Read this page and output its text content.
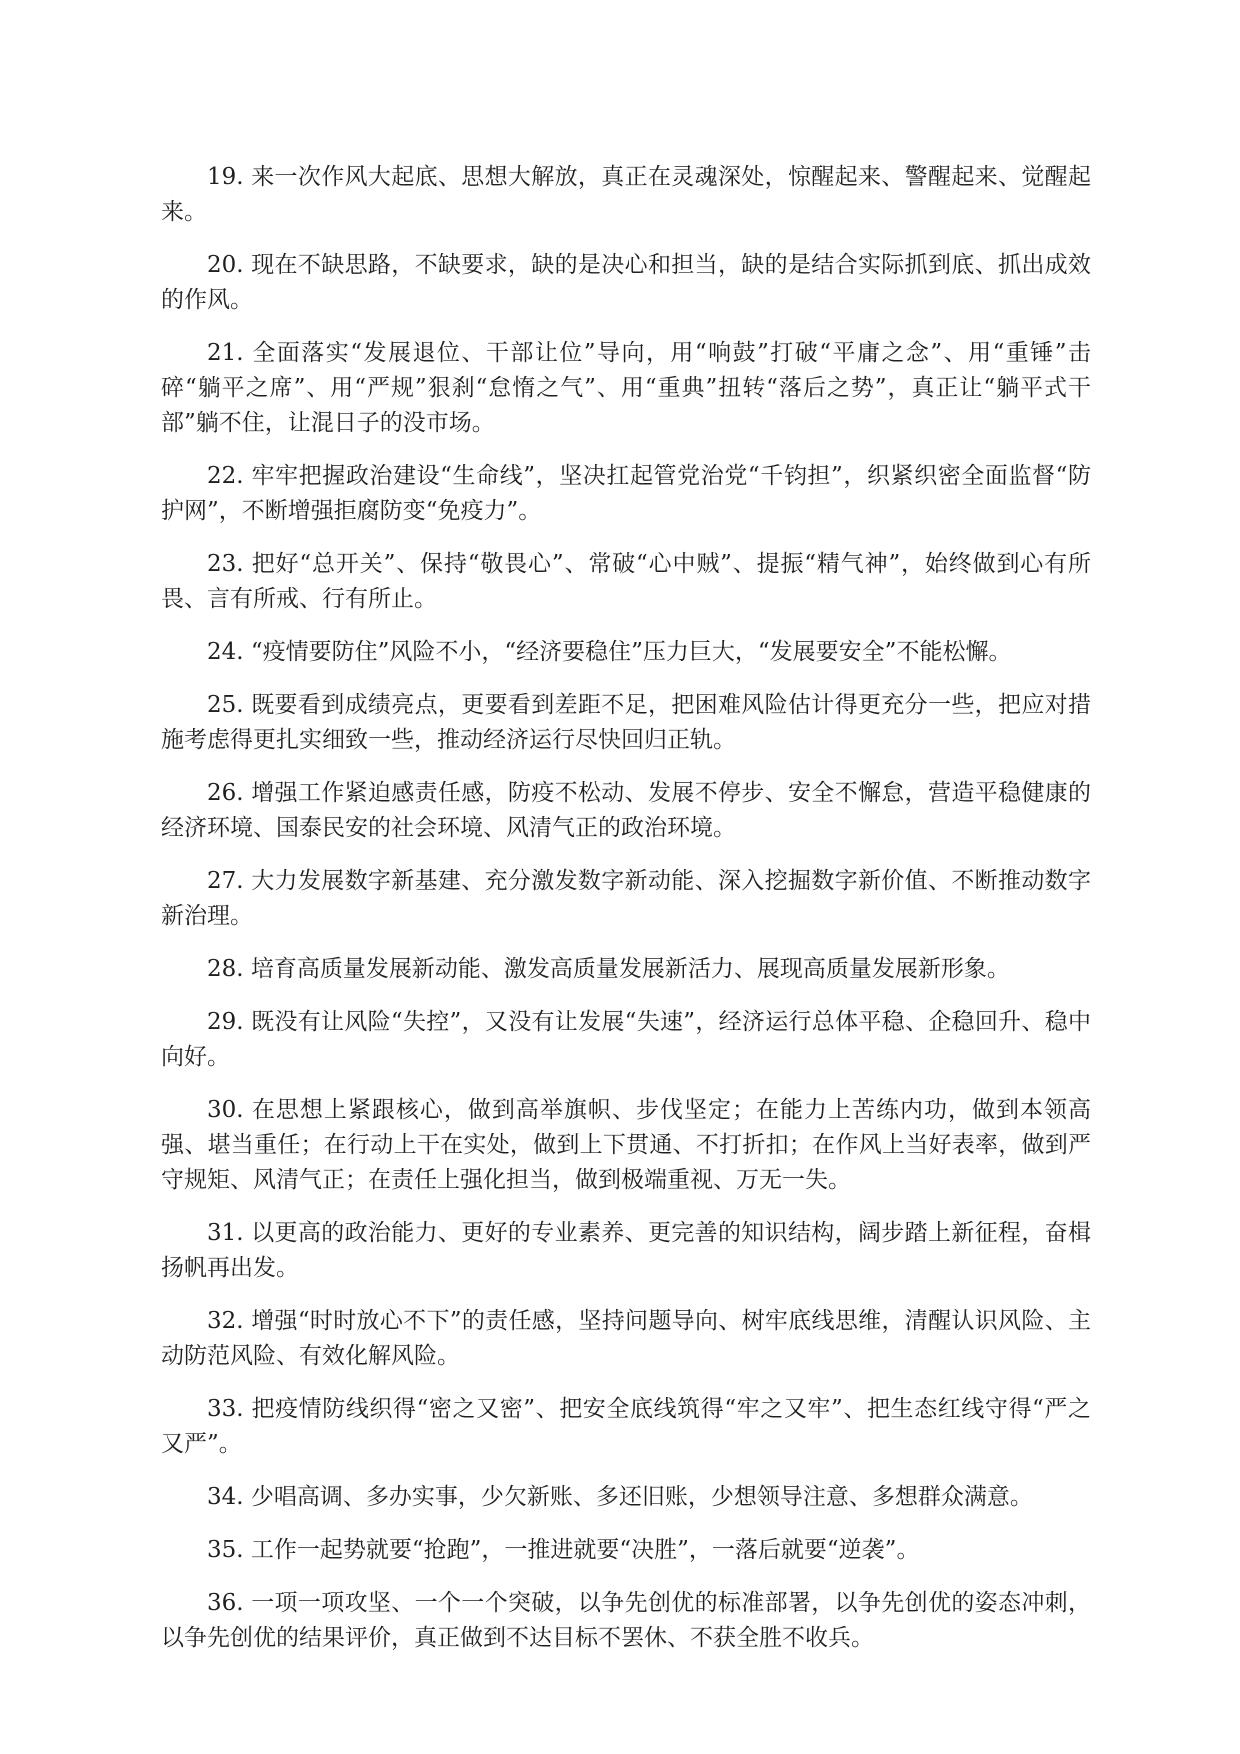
19. 来一次作风大起底、思想大解放，真正在灵魂深处，惊醒起来、警醒起来、觉醒起来。

20. 现在不缺思路，不缺要求，缺的是决心和担当，缺的是结合实际抓到底、抓出成效的作风。

21. 全面落实“发展退位、干部让位”导向，用“响鼓”打破“平庸之念”、用“重锤”击碎“躺平之席”、用“严规”狠刹“怠惰之气”、用“重典”扭转“落后之势”，真正让“躺平式干部”躺不住，让混日子的没市场。

22. 牢牢把握政治建设“生命线”，坚决扛起管党治党“千钧担”，织紧织密全面监督“防护网”，不断增强拒腐防变“免疫力”。

23. 把好“总开关”、保持“敬畏心”、常破“心中贼”、提振“精气神”，始终做到心有所畏、言有所戒、行有所止。

24. “疫情要防住”风险不小，“经济要稳住”压力巨大，“发展要安全”不能松懈。

25. 既要看到成绩亮点，更要看到差距不足，把困难风险估计得更充分一些，把应对措施考虑得更扎实细致一些，推动经济运行尽快回归正轨。

26. 增强工作紧迫感责任感，防疫不松动、发展不停步、安全不懈怠，营造平稳健康的经济环境、国泰民安的社会环境、风清气正的政治环境。

27. 大力发展数字新基建、充分激发数字新动能、深入挖掘数字新价值、不断推动数字新治理。

28. 培育高质量发展新动能、激发高质量发展新活力、展现高质量发展新形象。

29. 既没有让风险“失控”，又没有让发展“失速”，经济运行总体平稳、企稳回升、稳中向好。

30. 在思想上紧跟核心，做到高举旗帜、步伐坚定；在能力上苦练内功，做到本领高强、堪当重任；在行动上干在实处，做到上下贯通、不打折扣；在作风上当好表率，做到严守规矩、风清气正；在责任上强化担当，做到极端重视、万无一失。

31. 以更高的政治能力、更好的专业素养、更完善的知识结构，阔步踏上新征程，奋楫扬帆再出发。

32. 增强“时时放心不下”的责任感，坚持问题导向、树牢底线思维，清醒认识风险、主动防范风险、有效化解风险。

33. 把疫情防线织得“密之又密”、把安全底线筑得“牢之又牢”、把生态红线守得“严之又严”。

34. 少唱高调、多办实事，少欠新账、多还旧账，少想领导注意、多想群众满意。

35. 工作一起势就要“抢跑”，一推进就要“决胜”，一落后就要“逆袭”。

36. 一项一项攻坚、一个一个突破，以争先创优的标准部署，以争先创优的姿态冲刺，以争先创优的结果评价，真正做到不达目标不罢休、不获全胜不收兵。
